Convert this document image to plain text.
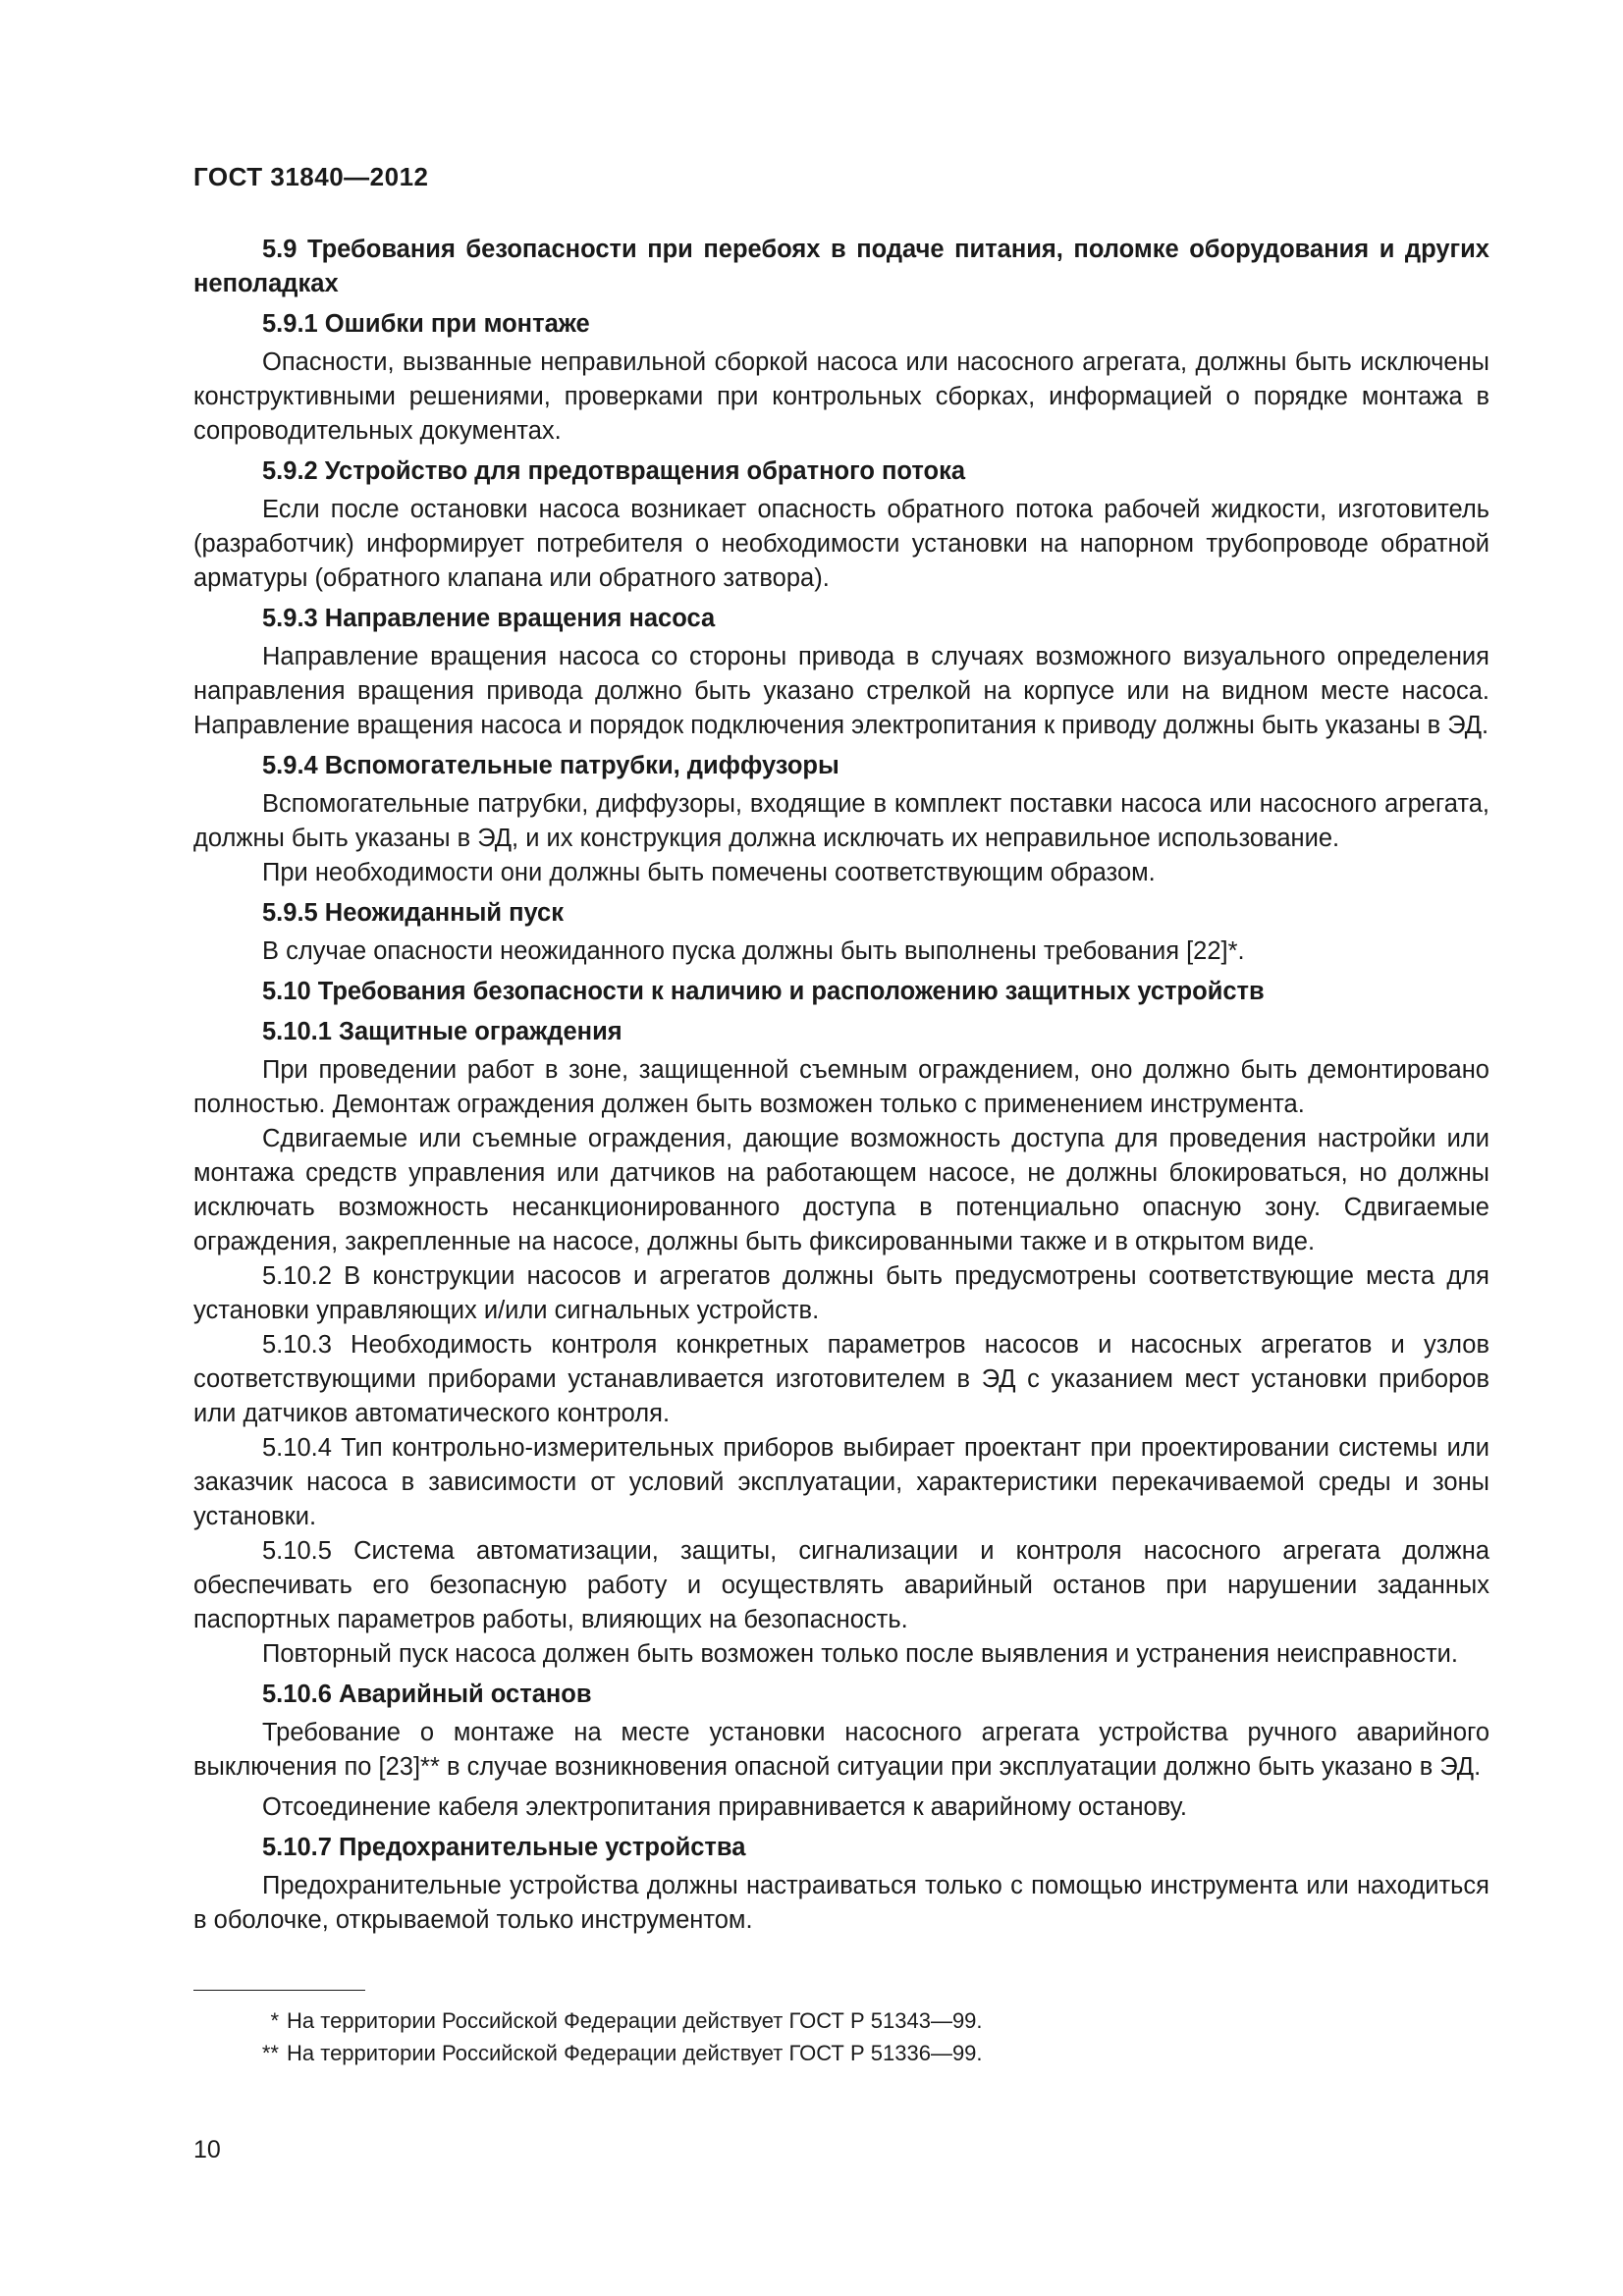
ГОСТ 31840—2012
5.9 Требования безопасности при перебоях в подаче питания, поломке оборудования и других неполадках
5.9.1 Ошибки при монтаже

Опасности, вызванные неправильной сборкой насоса или насосного агрегата, должны быть исключены конструктивными решениями, проверками при контрольных сборках, информацией о порядке монтажа в сопроводительных документах.

5.9.2 Устройство для предотвращения обратного потока

Если после остановки насоса возникает опасность обратного потока рабочей жидкости, изготовитель (разработчик) информирует потребителя о необходимости установки на напорном трубопроводе обратной арматуры (обратного клапана или обратного затвора).

5.9.3 Направление вращения насоса

Направление вращения насоса со стороны привода в случаях возможного визуального определения направления вращения привода должно быть указано стрелкой на корпусе или на видном месте насоса. Направление вращения насоса и порядок подключения электропитания к приводу должны быть указаны в ЭД.

5.9.4 Вспомогательные патрубки, диффузоры

Вспомогательные патрубки, диффузоры, входящие в комплект поставки насоса или насосного агрегата, должны быть указаны в ЭД, и их конструкция должна исключать их неправильное использование.

При необходимости они должны быть помечены соответствующим образом.

5.9.5 Неожиданный пуск

В случае опасности неожиданного пуска должны быть выполнены требования [22]*.

5.10 Требования безопасности к наличию и расположению защитных устройств
5.10.1 Защитные ограждения

При проведении работ в зоне, защищенной съемным ограждением, оно должно быть демонтировано полностью. Демонтаж ограждения должен быть возможен только с применением инструмента.

Сдвигаемые или съемные ограждения, дающие возможность доступа для проведения настройки или монтажа средств управления или датчиков на работающем насосе, не должны блокироваться, но должны исключать возможность несанкционированного доступа в потенциально опасную зону. Сдвигаемые ограждения, закрепленные на насосе, должны быть фиксированными также и в открытом виде.

5.10.2 В конструкции насосов и агрегатов должны быть предусмотрены соответствующие места для установки управляющих и/или сигнальных устройств.

5.10.3 Необходимость контроля конкретных параметров насосов и насосных агрегатов и узлов соответствующими приборами устанавливается изготовителем в ЭД с указанием мест установки приборов или датчиков автоматического контроля.

5.10.4 Тип контрольно-измерительных приборов выбирает проектант при проектировании системы или заказчик насоса в зависимости от условий эксплуатации, характеристики перекачиваемой среды и зоны установки.

5.10.5 Система автоматизации, защиты, сигнализации и контроля насосного агрегата должна обеспечивать его безопасную работу и осуществлять аварийный останов при нарушении заданных паспортных параметров работы, влияющих на безопасность.

Повторный пуск насоса должен быть возможен только после выявления и устранения неисправности.

5.10.6 Аварийный останов

Требование о монтаже на месте установки насосного агрегата устройства ручного аварийного выключения по [23]** в случае возникновения опасной ситуации при эксплуатации должно быть указано в ЭД.

Отсоединение кабеля электропитания приравнивается к аварийному останову.

5.10.7 Предохранительные устройства

Предохранительные устройства должны настраиваться только с помощью инструмента или находиться в оболочке, открываемой только инструментом.

* На территории Российской Федерации действует ГОСТ Р 51343—99.
** На территории Российской Федерации действует ГОСТ Р 51336—99.
10
